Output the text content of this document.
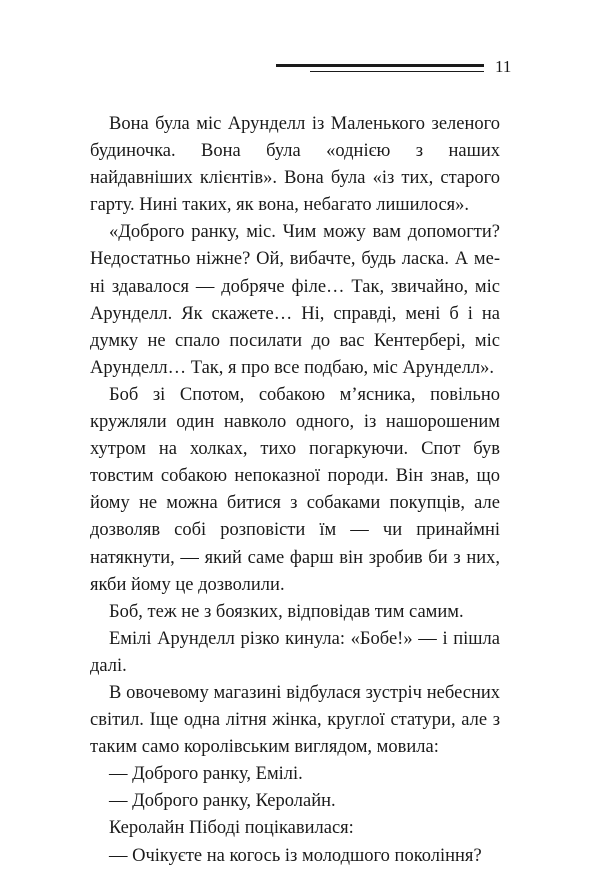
11

Вона була міс Арунделл із Маленького зеленого будиночка. Вона була «однією з наших найдавніших клієнтів». Вона була «із тих, старого гарту. Нині таких, як вона, небагато лишилося».

«Доброго ранку, міс. Чим можу вам допомогти? Недостатньо ніжне? Ой, вибачте, будь ласка. А мені здавалося — добряче філе… Так, звичайно, міс Арунделл. Як скажете… Ні, справді, мені б і на думку не спало посилати до вас Кентербері, міс Арунделл… Так, я про все подбаю, міс Арунделл».

Боб зі Спотом, собакою м’ясника, повільно кружляли один навколо одного, із нашорошеним хутром на холках, тихо погаркуючи. Спот був товстим собакою непоказної породи. Він знав, що йому не можна битися з собаками покупців, але дозволяв собі розповісти їм — чи принаймні натякнути, — який саме фарш він зробив би з них, якби йому це дозволили.

Боб, теж не з боязких, відповідав тим самим.

Емілі Арунделл різко кинула: «Бобе!» — і пішла далі.

В овочевому магазині відбулася зустріч небесних світил. Іще одна літня жінка, круглої статури, але з таким само королівським виглядом, мовила:

— Доброго ранку, Емілі.

— Доброго ранку, Керолайн.

Керолайн Пібоді поцікавилася:

— Очікуєте на когось із молодшого покоління?
